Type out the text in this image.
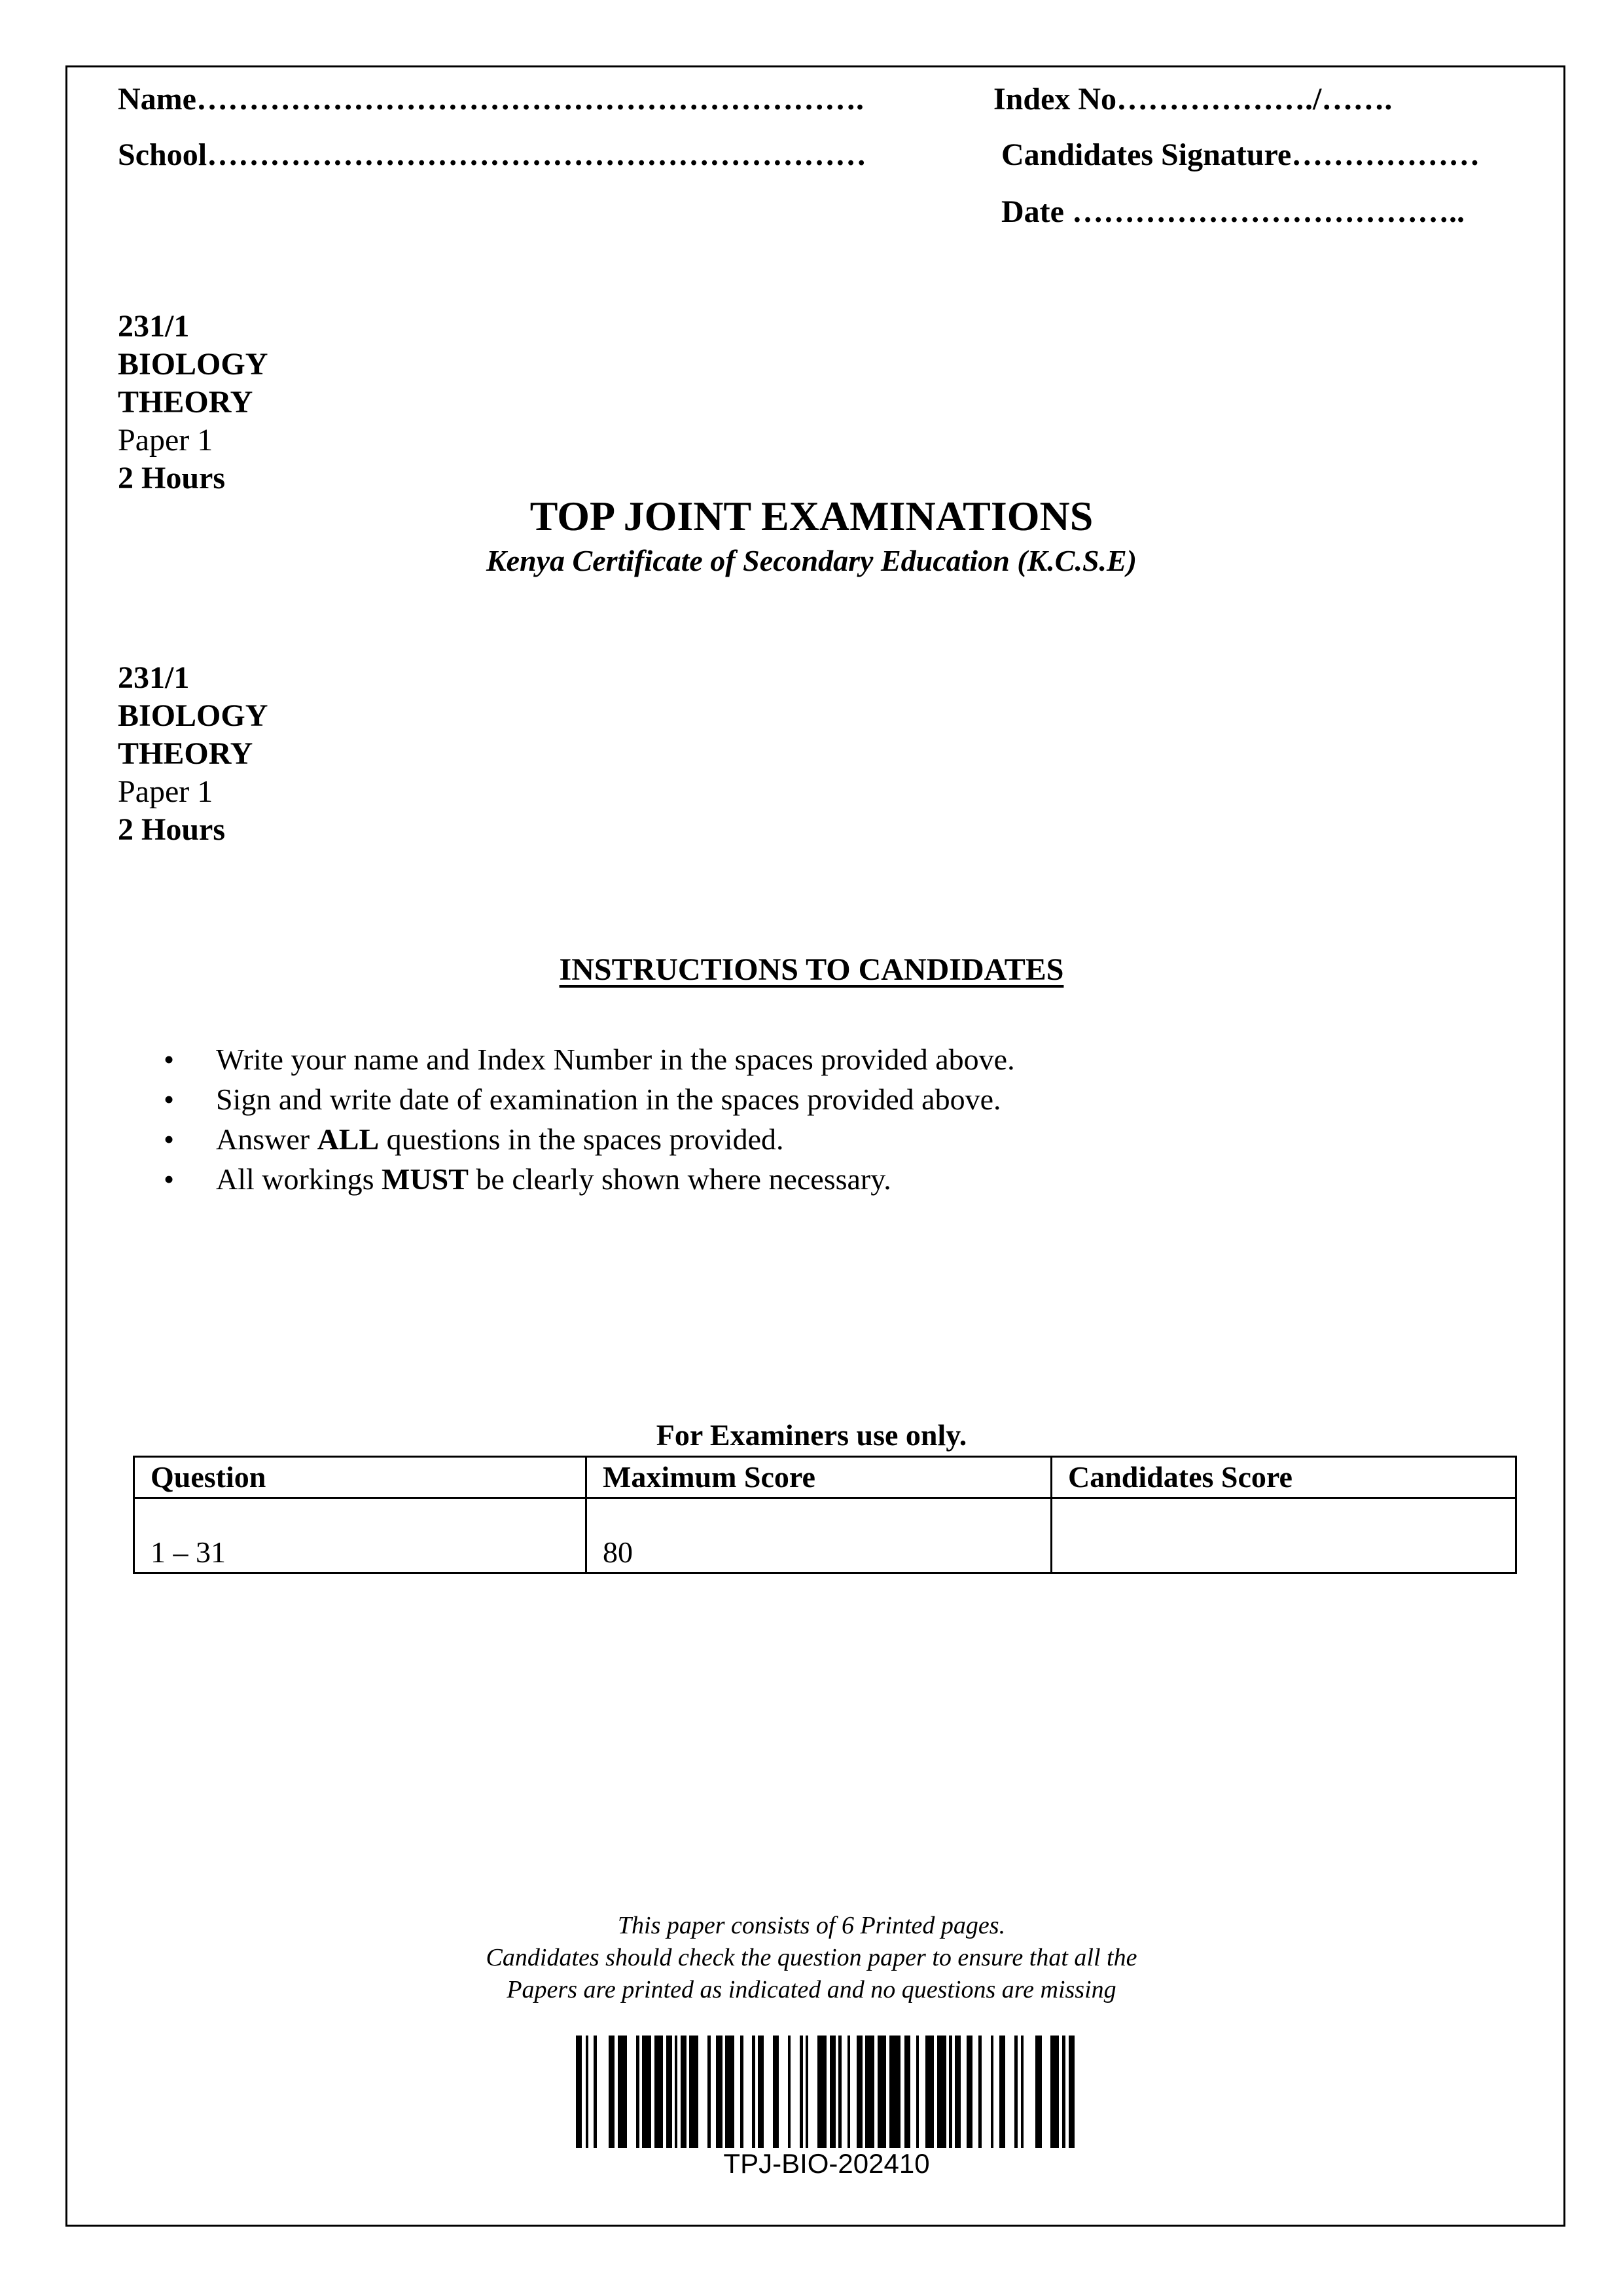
Name……………………………………………………….
School………………………………………………………
Index No………………./…….
Candidates Signature………………
Date ………………………………..
231/1
BIOLOGY
THEORY
Paper 1
2 Hours
TOP JOINT EXAMINATIONS
Kenya Certificate of Secondary Education (K.C.S.E)
231/1
BIOLOGY
THEORY
Paper 1
2 Hours
INSTRUCTIONS TO CANDIDATES
• Write your name and Index Number in the spaces provided above.
• Sign and write date of examination in the spaces provided above.
• Answer ALL questions in the spaces provided.
• All workings MUST be clearly shown where necessary.
For Examiners use only.
Question	Maximum Score	Candidates Score
1 – 31	80	
This paper consists of 6 Printed pages.
Candidates should check the question paper to ensure that all the
Papers are printed as indicated and no questions are missing
TPJ-BIO-202410
